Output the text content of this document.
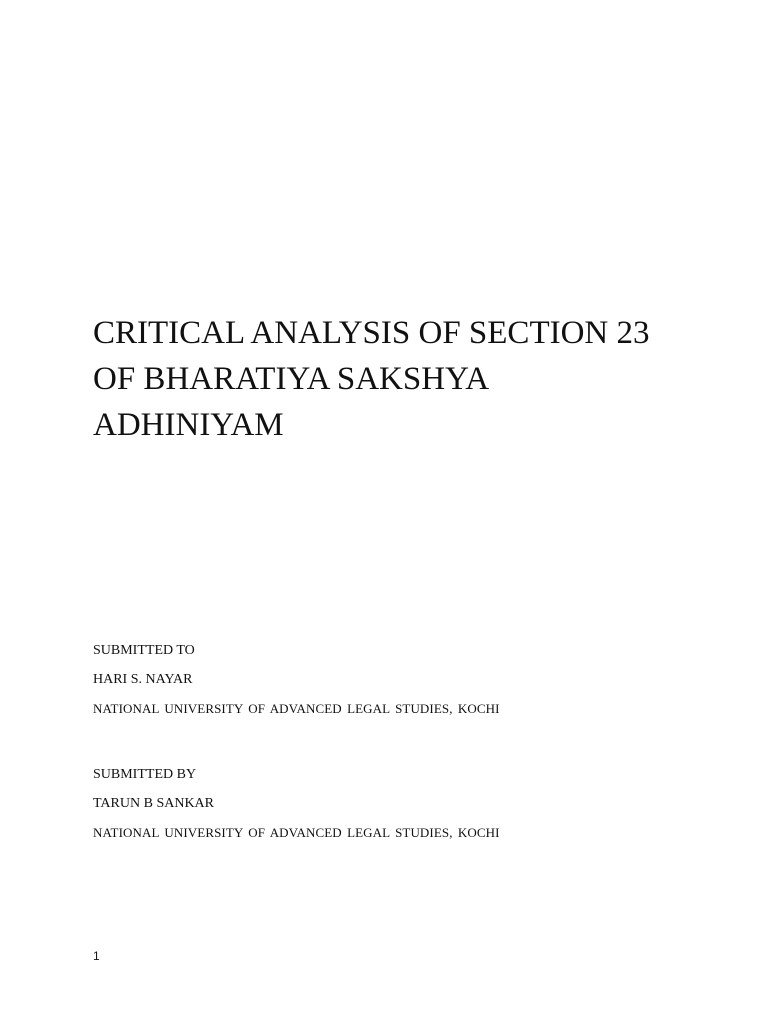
CRITICAL ANALYSIS OF SECTION 23
OF BHARATIYA SAKSHYA
ADHINIYAM
SUBMITTED TO
HARI S. NAYAR
NATIONAL UNIVERSITY OF ADVANCED LEGAL STUDIES, KOCHI
SUBMITTED BY
TARUN B SANKAR
NATIONAL UNIVERSITY OF ADVANCED LEGAL STUDIES, KOCHI
1
